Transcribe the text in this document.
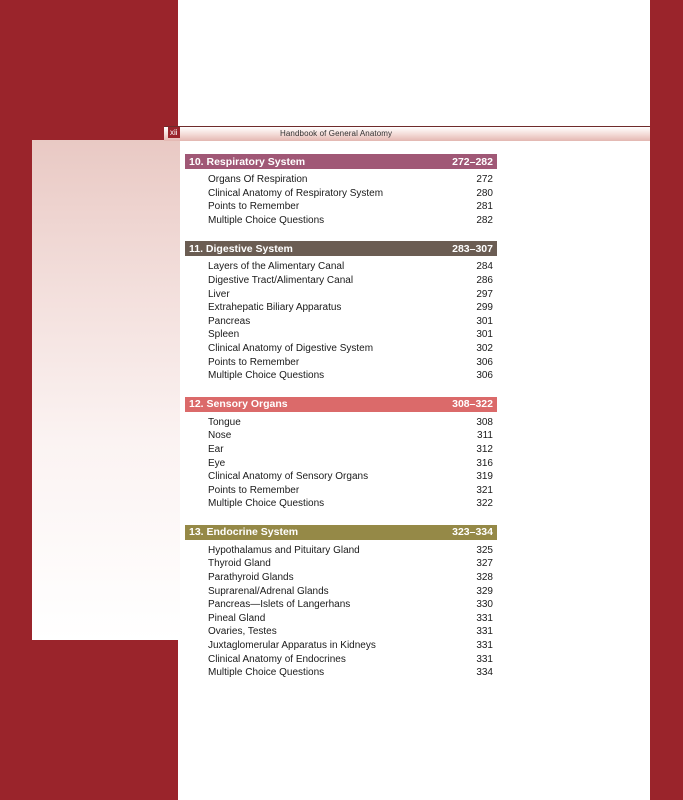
xii	Handbook of General Anatomy
10. Respiratory System	272–282
Organs Of Respiration	272
Clinical Anatomy of Respiratory System	280
Points to Remember	281
Multiple Choice Questions	282
11. Digestive System	283–307
Layers of the Alimentary Canal	284
Digestive Tract/Alimentary Canal	286
Liver	297
Extrahepatic Biliary Apparatus	299
Pancreas	301
Spleen	301
Clinical Anatomy of Digestive System	302
Points to Remember	306
Multiple Choice Questions	306
12. Sensory Organs	308–322
Tongue	308
Nose	311
Ear	312
Eye	316
Clinical Anatomy of Sensory Organs	319
Points to Remember	321
Multiple Choice Questions	322
13. Endocrine System	323–334
Hypothalamus and Pituitary Gland	325
Thyroid Gland	327
Parathyroid Glands	328
Suprarenal/Adrenal Glands	329
Pancreas—Islets of Langerhans	330
Pineal Gland	331
Ovaries, Testes	331
Juxtaglomerular Apparatus in Kidneys	331
Clinical Anatomy of Endocrines	331
Multiple Choice Questions	334
